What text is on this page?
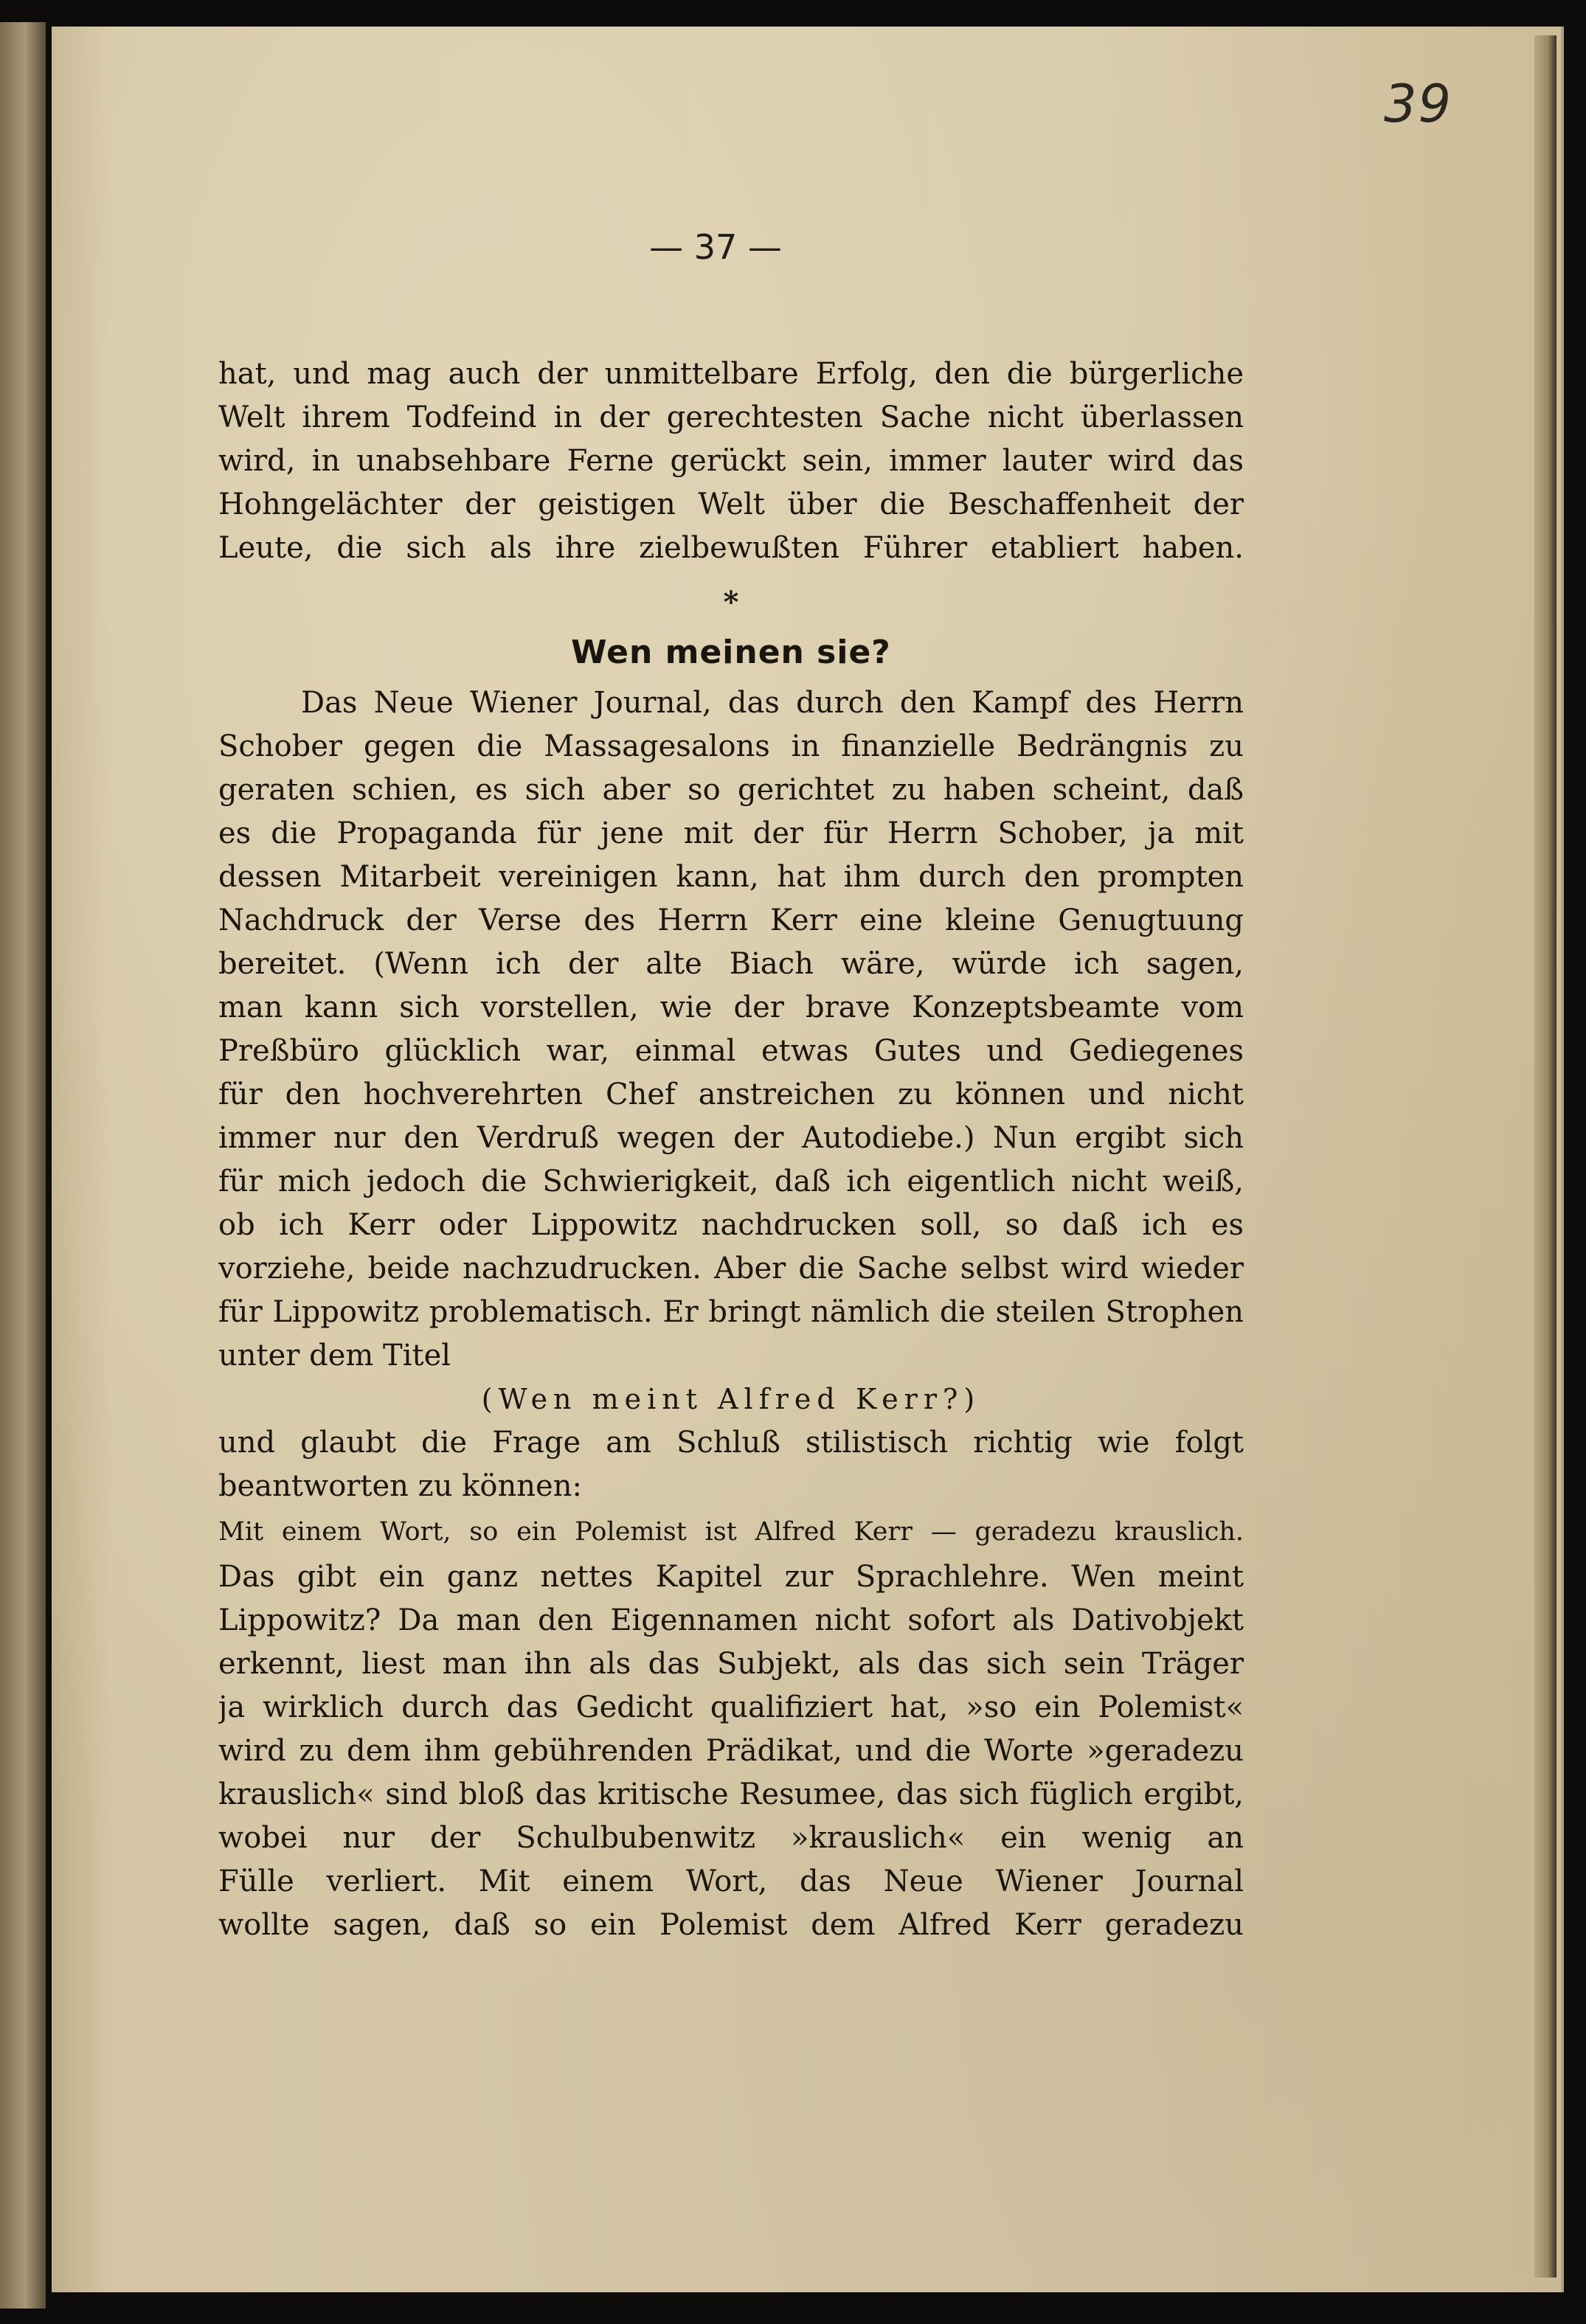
39
— 37 —
hat, und mag auch der unmittelbare Erfolg, den die bürgerliche
Welt ihrem Todfeind in der gerechtesten Sache nicht überlassen
wird, in unabsehbare Ferne gerückt sein, immer lauter wird das
Hohngelächter der geistigen Welt über die Beschaffenheit der
Leute, die sich als ihre zielbewußten Führer etabliert haben.
*
Wen meinen sie?
Das Neue Wiener Journal, das durch den Kampf des Herrn
Schober gegen die Massagesalons in finanzielle Bedrängnis zu
geraten schien, es sich aber so gerichtet zu haben scheint, daß
es die Propaganda für jene mit der für Herrn Schober, ja mit
dessen Mitarbeit vereinigen kann, hat ihm durch den prompten
Nachdruck der Verse des Herrn Kerr eine kleine Genugtuung
bereitet. (Wenn ich der alte Biach wäre, würde ich sagen,
man kann sich vorstellen, wie der brave Konzeptsbeamte vom
Preßbüro glücklich war, einmal etwas Gutes und Gediegenes
für den hochverehrten Chef anstreichen zu können und nicht
immer nur den Verdruß wegen der Autodiebe.) Nun ergibt sich
für mich jedoch die Schwierigkeit, daß ich eigentlich nicht weiß,
ob ich Kerr oder Lippowitz nachdrucken soll, so daß ich es
vorziehe, beide nachzudrucken. Aber die Sache selbst wird wieder
für Lippowitz problematisch. Er bringt nämlich die steilen Strophen
unter dem Titel
(Wen meint Alfred Kerr?)
und glaubt die Frage am Schluß stilistisch richtig wie folgt
beantworten zu können:
Mit einem Wort, so ein Polemist ist Alfred Kerr — geradezu krauslich.
Das gibt ein ganz nettes Kapitel zur Sprachlehre. Wen meint
Lippowitz? Da man den Eigennamen nicht sofort als Dativobjekt
erkennt, liest man ihn als das Subjekt, als das sich sein Träger
ja wirklich durch das Gedicht qualifiziert hat, »so ein Polemist«
wird zu dem ihm gebührenden Prädikat, und die Worte »geradezu
krauslich« sind bloß das kritische Resumee, das sich füglich ergibt,
wobei nur der Schulbubenwitz »krauslich« ein wenig an
Fülle verliert. Mit einem Wort, das Neue Wiener Journal
wollte sagen, daß so ein Polemist dem Alfred Kerr geradezu
